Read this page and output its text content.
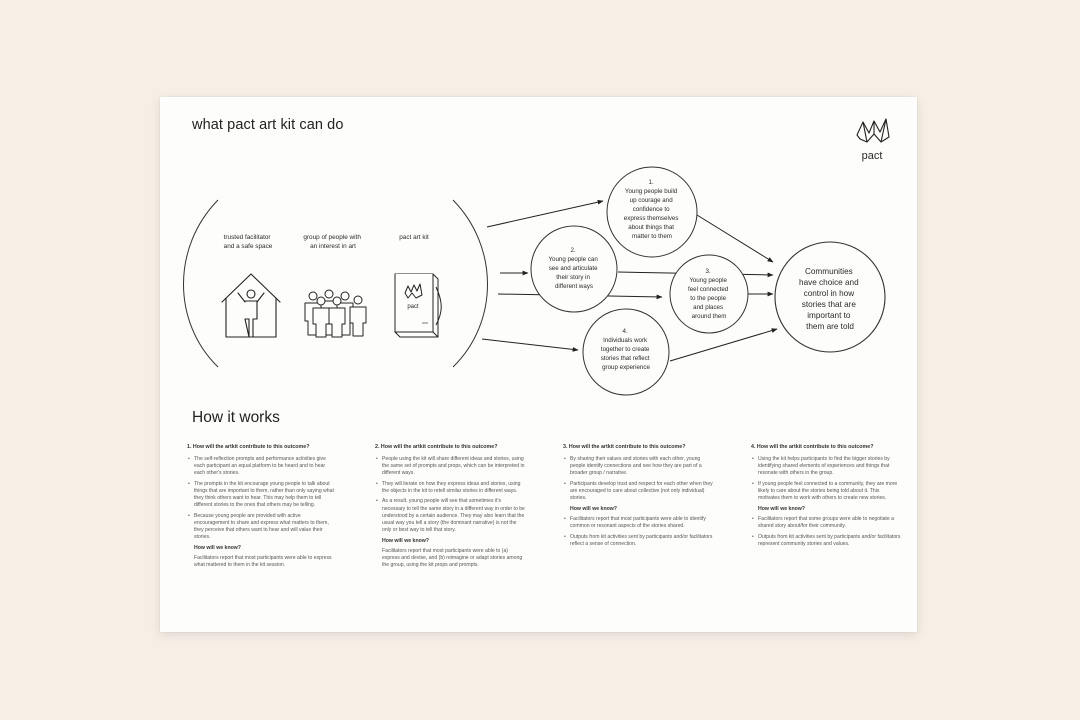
what pact art kit can do
pact
trusted facilitator and a safe space
group of people with an interest in art
pact art kit
pact
1. Young people build up courage and confidence to express themselves about things that matter to them
2. Young people can see and articulate their story in different ways
3. Young people feel connected to the people and places around them
4. Individuals work together to create stories that reflect group experience
Communities have choice and control in how stories that are important to them are told
How it works
1. How will the artkit contribute to this outcome?
• The self-reflection prompts and performance activities give each participant an equal platform to be heard and to hear each other's stories.
• The prompts in the kit encourage young people to talk about things that are important to them, rather than only saying what they think others want to hear. This may help them to tell different stories to the ones that others may be telling.
• Because young people are provided with active encouragement to share and express what matters to them, they perceive that others want to hear and will value their stories.
How will we know?

Facilitators report that most participants were able to express what mattered to them in the kit session.

2. How will the artkit contribute to this outcome?
• People using the kit will share different ideas and stories, using the same set of prompts and props, which can be interpreted in different ways.
• They will iterate on how they express ideas and stories, using the objects in the kit to retell similar stories in different ways.
• As a result, young people will see that sometimes it's necessary to tell the same story in a different way in order to be understood by a certain audience. They may also learn that the usual way you tell a story (the dominant narrative) is not the only or best way to tell that story.
How will we know?

Facilitators report that most participants were able to (a) express and devise, and (b) reimagine or adapt stories among the group, using the kit props and prompts.

3. How will the artkit contribute to this outcome?
• By sharing their values and stories with each other, young people identify connections and see how they are part of a broader group / narrative.
• Participants develop trust and respect for each other when they are encouraged to care about collective (not only individual) stories.
How will we know?
• Facilitators report that most participants were able to identify common or resonant aspects of the stories shared.
• Outputs from kit activities sent by participants and/or facilitators reflect a sense of connection.
4. How will the artkit contribute to this outcome?
• Using the kit helps participants to find the bigger stories by identifying shared elements of experiences and things that resonate with others in the group.
• If young people feel connected to a community, they are more likely to care about the stories being told about it. This motivates them to work with others to create new stories.
How will we know?
• Facilitators report that some groups were able to negotiate a shared story about/for their community.
• Outputs from kit activities sent by participants and/or facilitators represent community stories and values.
